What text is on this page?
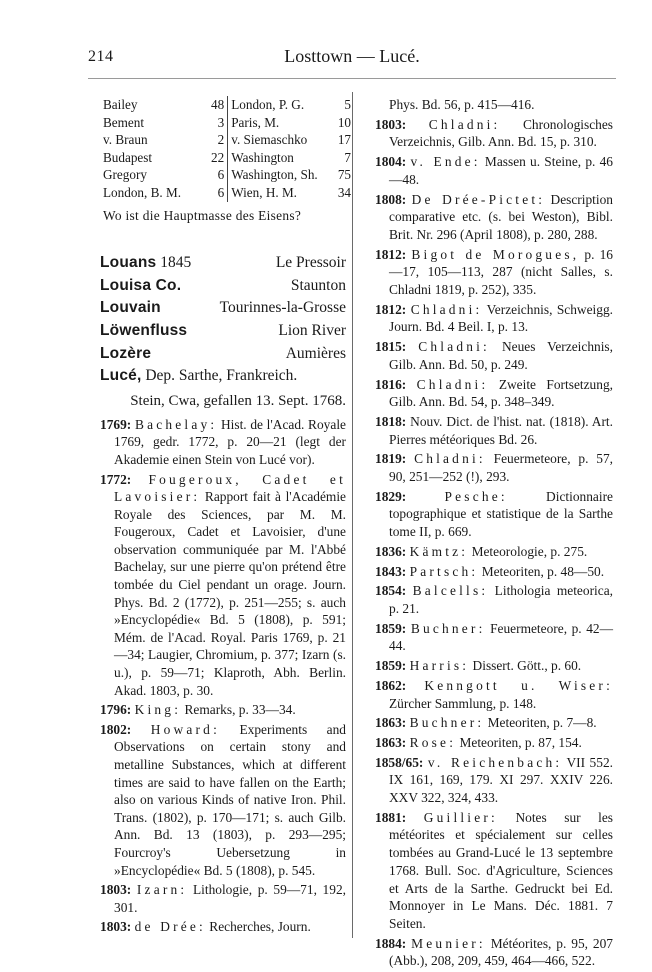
214	Losttown — Lucé.
Bailey	48	London, P. G.	5
Bement	3	Paris, M.	10
v. Braun	2	v. Siemaschko	17
Budapest	22	Washington	7
Gregory	6	Washington, Sh.	75
London, B. M.	6	Wien, H. M.	34
Wo ist die Hauptmasse des Eisens?
Louans 1845	Le Pressoir
Louisa Co.	Staunton
Louvain	Tourinnes-la-Grosse
Löwenfluss	Lion River
Lozère	Aumières
Lucé, Dep. Sarthe, Frankreich.
Stein, Cwa, gefallen 13. Sept. 1768.
1769: Bachelay: Hist. de l'Acad. Royale 1769, gedr. 1772, p. 20—21 (legt der Akademie einen Stein von Lucé vor).
1772: Fougeroux, Cadet et Lavoisier: Rapport fait à l'Académie Royale des Sciences, par M. M. Fougeroux, Cadet et Lavoisier, d'une observation communiquée par M. l'Abbé Bachelay, sur une pierre qu'on prétend être tombée du Ciel pendant un orage. Journ. Phys. Bd. 2 (1772), p. 251—255; s. auch »Encyclopédie« Bd. 5 (1808), p. 591; Mém. de l'Acad. Royal. Paris 1769, p. 21—34; Laugier, Chromium, p. 377; Izarn (s. u.), p. 59—71; Klaproth, Abh. Berlin. Akad. 1803, p. 30.
1796: King: Remarks, p. 33—34.
1802: Howard: Experiments and Observations on certain stony and metalline Substances, which at different times are said to have fallen on the Earth; also on various Kinds of native Iron. Phil. Trans. (1802), p. 170—171; s. auch Gilb. Ann. Bd. 13 (1803), p. 293—295; Fourcroy's Uebersetzung in »Encyclopédie« Bd. 5 (1808), p. 545.
1803: Izarn: Lithologie, p. 59—71, 192, 301.
1803: de Drée: Recherches, Journ.
Phys. Bd. 56, p. 415—416.
1803: Chladni: Chronologisches Verzeichnis, Gilb. Ann. Bd. 15, p. 310.
1804: v. Ende: Massen u. Steine, p. 46—48.
1808: De Drée-Pictet: Description comparative etc. (s. bei Weston), Bibl. Brit. Nr. 296 (April 1808), p. 280, 288.
1812: Bigot de Morogues, p. 16—17, 105—113, 287 (nicht Salles, s. Chladni 1819, p. 252), 335.
1812: Chladni: Verzeichnis, Schweigg. Journ. Bd. 4 Beil. I, p. 13.
1815: Chladni: Neues Verzeichnis, Gilb. Ann. Bd. 50, p. 249.
1816: Chladni: Zweite Fortsetzung, Gilb. Ann. Bd. 54, p. 348–349.
1818: Nouv. Dict. de l'hist. nat. (1818). Art. Pierres météoriques Bd. 26.
1819: Chladni: Feuermeteore, p. 57, 90, 251—252 (!), 293.
1829:	Pesche: Dictionnaire topographique et statistique de la Sarthe tome II, p. 669.
1836: Kämtz: Meteorologie, p. 275.
1843: Partsch: Meteoriten, p. 48—50.
1854: Balcells: Lithologia meteorica, p. 21.
1859: Buchner: Feuermeteore, p. 42—44.
1859: Harris: Dissert. Gött., p. 60.
1862: Kenngott u. Wiser: Zürcher Sammlung, p. 148.
1863: Buchner: Meteoriten, p. 7—8.
1863: Rose: Meteoriten, p. 87, 154.
1858/65: v. Reichenbach: VII 552. IX 161, 169, 179. XI 297. XXIV 226. XXV 322, 324, 433.
1881: Guillier: Notes sur les météorites et spécialement sur celles tombées au Grand-Lucé le 13 septembre 1768. Bull. Soc. d'Agriculture, Sciences et Arts de la Sarthe. Gedruckt bei Ed. Monnoyer in Le Mans. Déc. 1881. 7 Seiten.
1884: Meunier: Météorites, p. 95, 207 (Abb.), 208, 209, 459, 464—466, 522.
